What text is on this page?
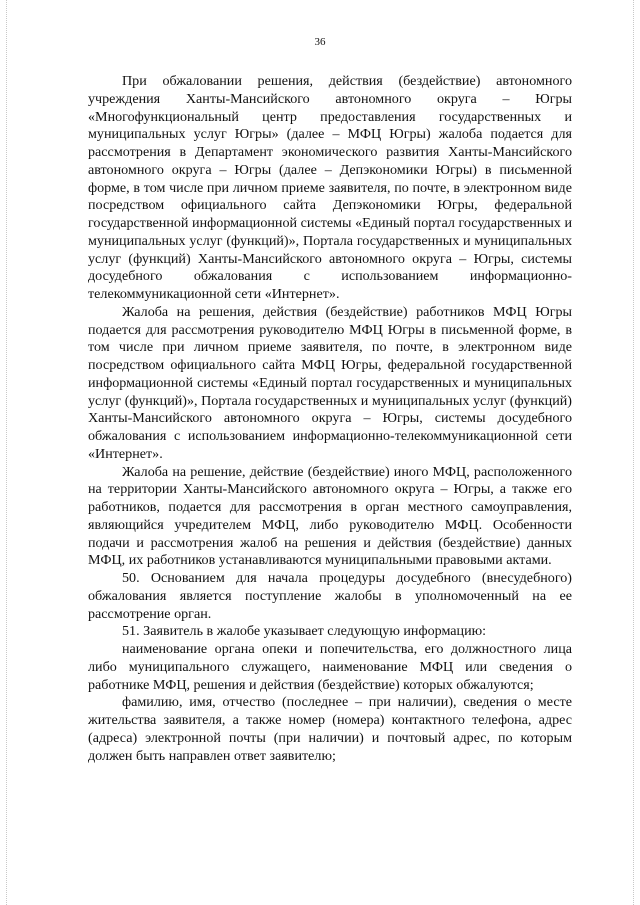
36

При обжаловании решения, действия (бездействие) автономного учреждения Ханты-Мансийского автономного округа – Югры «Многофункциональный центр предоставления государственных и муниципальных услуг Югры» (далее – МФЦ Югры) жалоба подается для рассмотрения в Департамент экономического развития Ханты-Мансийского автономного округа – Югры (далее – Депэкономики Югры) в письменной форме, в том числе при личном приеме заявителя, по почте, в электронном виде посредством официального сайта Депэкономики Югры, федеральной государственной информационной системы «Единый портал государственных и муниципальных услуг (функций)», Портала государственных и муниципальных услуг (функций) Ханты-Мансийского автономного округа – Югры, системы досудебного обжалования с использованием информационно-телекоммуникационной сети «Интернет».

Жалоба на решения, действия (бездействие) работников МФЦ Югры подается для рассмотрения руководителю МФЦ Югры в письменной форме, в том числе при личном приеме заявителя, по почте, в электронном виде посредством официального сайта МФЦ Югры, федеральной государственной информационной системы «Единый портал государственных и муниципальных услуг (функций)», Портала государственных и муниципальных услуг (функций) Ханты-Мансийского автономного округа – Югры, системы досудебного обжалования с использованием информационно-телекоммуникационной сети «Интернет».

Жалоба на решение, действие (бездействие) иного МФЦ, расположенного на территории Ханты-Мансийского автономного округа – Югры, а также его работников, подается для рассмотрения в орган местного самоуправления, являющийся учредителем МФЦ, либо руководителю МФЦ. Особенности подачи и рассмотрения жалоб на решения и действия (бездействие) данных МФЦ, их работников устанавливаются муниципальными правовыми актами.

50. Основанием для начала процедуры досудебного (внесудебного) обжалования является поступление жалобы в уполномоченный на ее рассмотрение орган.

51. Заявитель в жалобе указывает следующую информацию:

наименование органа опеки и попечительства, его должностного лица либо муниципального служащего, наименование МФЦ или сведения о работнике МФЦ, решения и действия (бездействие) которых обжалуются;

фамилию, имя, отчество (последнее – при наличии), сведения о месте жительства заявителя, а также номер (номера) контактного телефона, адрес (адреса) электронной почты (при наличии) и почтовый адрес, по которым должен быть направлен ответ заявителю;
